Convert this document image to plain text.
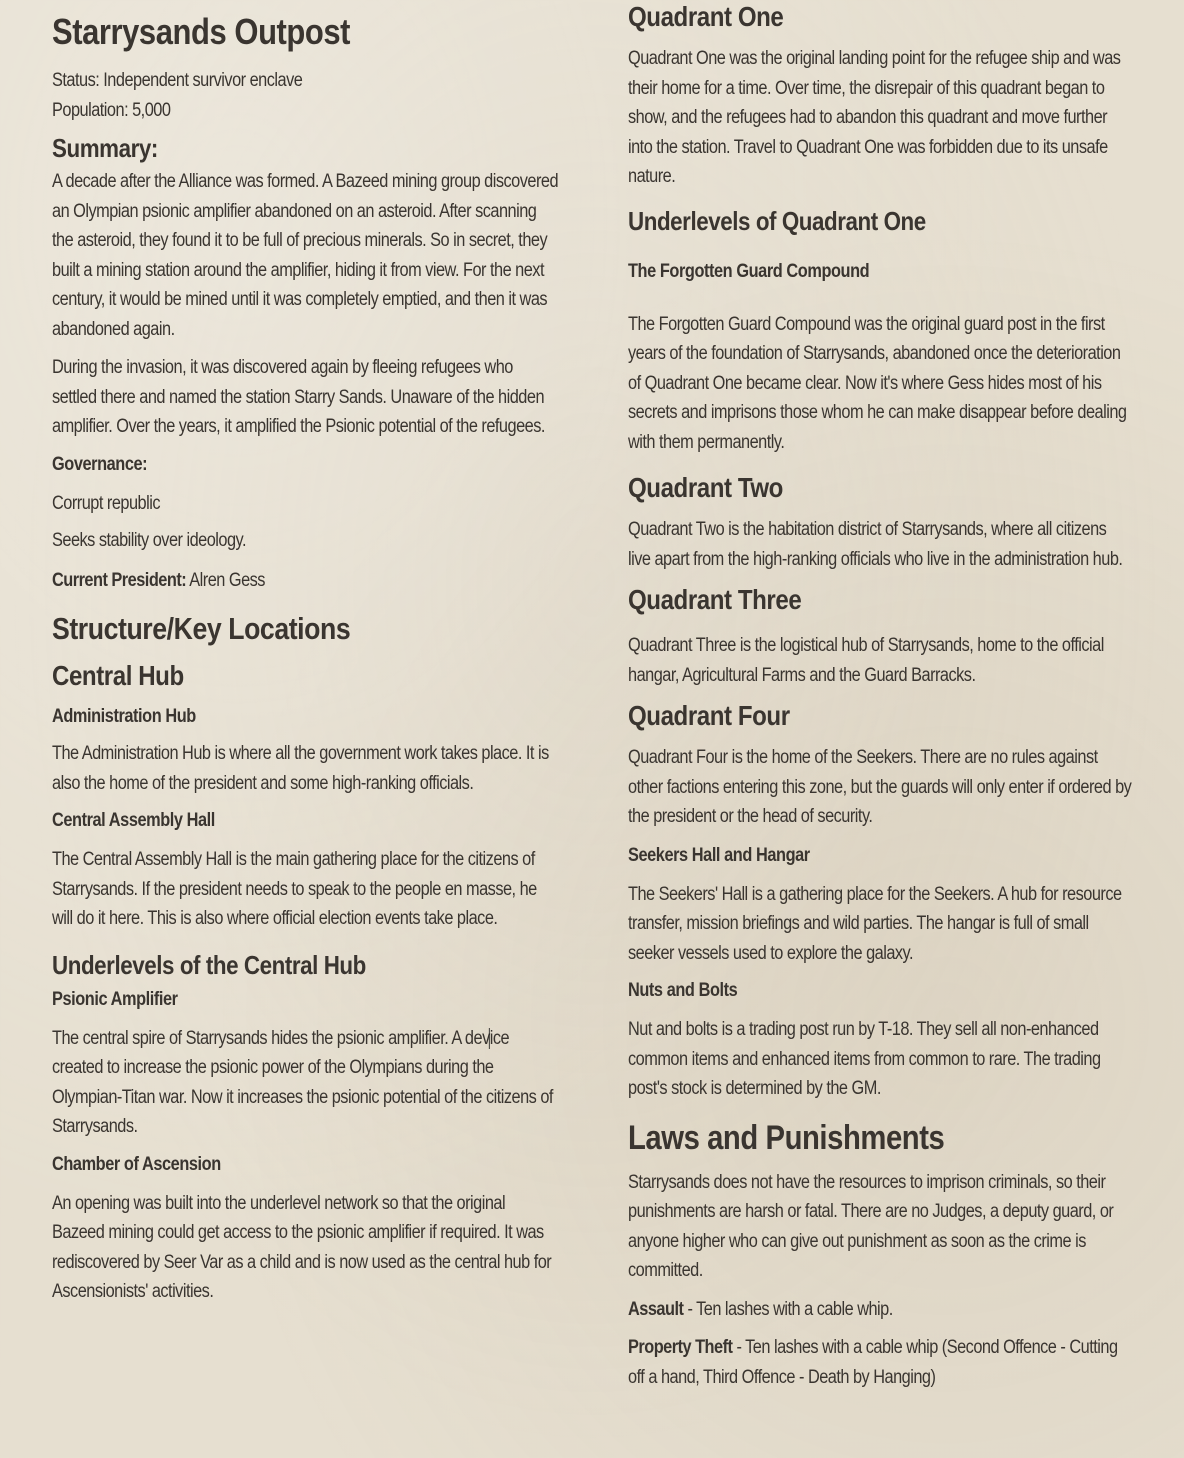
Starrysands Outpost

Status: Independent survivor enclave

Population: 5,000

Summary:

A decade after the Alliance was formed. A Bazeed mining group discovered an Olympian psionic amplifier abandoned on an asteroid. After scanning the asteroid, they found it to be full of precious minerals. So in secret, they built a mining station around the amplifier, hiding it from view. For the next century, it would be mined until it was completely emptied, and then it was abandoned again.

During the invasion, it was discovered again by fleeing refugees who settled there and named the station Starry Sands. Unaware of the hidden amplifier. Over the years, it amplified the Psionic potential of the refugees.

Governance:

Corrupt republic

Seeks stability over ideology.

Current President: Alren Gess

Structure/Key Locations
Central Hub
Administration Hub

The Administration Hub is where all the government work takes place. It is also the home of the president and some high-ranking officials.

Central Assembly Hall

The Central Assembly Hall is the main gathering place for the citizens of Starrysands. If the president needs to speak to the people en masse, he will do it here. This is also where official election events take place.

Underlevels of the Central Hub
Psionic Amplifier

The central spire of Starrysands hides the psionic amplifier. A device created to increase the psionic power of the Olympians during the Olympian-Titan war. Now it increases the psionic potential of the citizens of Starrysands.

Chamber of Ascension

An opening was built into the underlevel network so that the original Bazeed mining could get access to the psionic amplifier if required. It was rediscovered by Seer Var as a child and is now used as the central hub for Ascensionists' activities.

Quadrant One

Quadrant One was the original landing point for the refugee ship and was their home for a time. Over time, the disrepair of this quadrant began to show, and the refugees had to abandon this quadrant and move further into the station. Travel to Quadrant One was forbidden due to its unsafe nature.

Underlevels of Quadrant One
The Forgotten Guard Compound

The Forgotten Guard Compound was the original guard post in the first years of the foundation of Starrysands, abandoned once the deterioration of Quadrant One became clear. Now it's where Gess hides most of his secrets and imprisons those whom he can make disappear before dealing with them permanently.

Quadrant Two

Quadrant Two is the habitation district of Starrysands, where all citizens live apart from the high-ranking officials who live in the administration hub.

Quadrant Three

Quadrant Three is the logistical hub of Starrysands, home to the official hangar, Agricultural Farms and the Guard Barracks.

Quadrant Four

Quadrant Four is the home of the Seekers. There are no rules against other factions entering this zone, but the guards will only enter if ordered by the president or the head of security.

Seekers Hall and Hangar

The Seekers' Hall is a gathering place for the Seekers. A hub for resource transfer, mission briefings and wild parties. The hangar is full of small seeker vessels used to explore the galaxy.

Nuts and Bolts

Nut and bolts is a trading post run by T-18. They sell all non-enhanced common items and enhanced items from common to rare. The trading post's stock is determined by the GM.

Laws and Punishments

Starrysands does not have the resources to imprison criminals, so their punishments are harsh or fatal. There are no Judges, a deputy guard, or anyone higher who can give out punishment as soon as the crime is committed.

Assault - Ten lashes with a cable whip.

Property Theft - Ten lashes with a cable whip (Second Offence - Cutting off a hand, Third Offence - Death by Hanging)
